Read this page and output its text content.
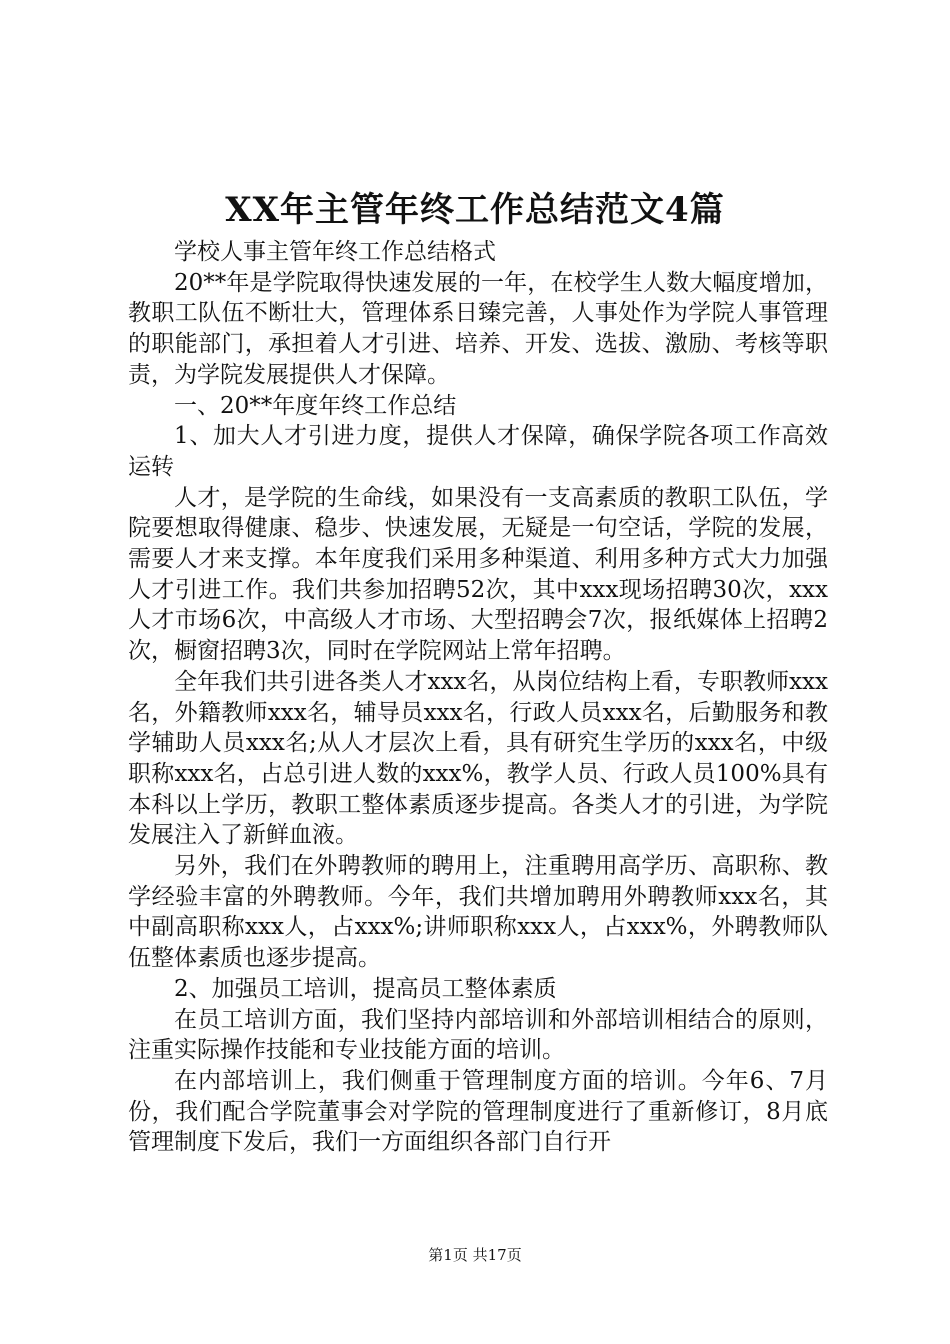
XX年主管年终工作总结范文4篇

学校人事主管年终工作总结格式

20**年是学院取得快速发展的一年，在校学生人数大幅度增加，教职工队伍不断壮大，管理体系日臻完善，人事处作为学院人事管理的职能部门，承担着人才引进、培养、开发、选拔、激励、考核等职责，为学院发展提供人才保障。

一、20**年度年终工作总结

1、加大人才引进力度，提供人才保障，确保学院各项工作高效运转

人才，是学院的生命线，如果没有一支高素质的教职工队伍，学院要想取得健康、稳步、快速发展，无疑是一句空话，学院的发展，需要人才来支撑。本年度我们采用多种渠道、利用多种方式大力加强人才引进工作。我们共参加招聘52次，其中xxx现场招聘30次，xxx人才市场6次，中高级人才市场、大型招聘会7次，报纸媒体上招聘2次，橱窗招聘3次，同时在学院网站上常年招聘。

全年我们共引进各类人才xxx名，从岗位结构上看，专职教师xxx名，外籍教师xxx名，辅导员xxx名，行政人员xxx名，后勤服务和教学辅助人员xxx名;从人才层次上看，具有研究生学历的xxx名，中级职称xxx名，占总引进人数的xxx%，教学人员、行政人员100%具有本科以上学历，教职工整体素质逐步提高。各类人才的引进，为学院发展注入了新鲜血液。

另外，我们在外聘教师的聘用上，注重聘用高学历、高职称、教学经验丰富的外聘教师。今年，我们共增加聘用外聘教师xxx名，其中副高职称xxx人，占xxx%;讲师职称xxx人，占xxx%，外聘教师队伍整体素质也逐步提高。

2、加强员工培训，提高员工整体素质

在员工培训方面，我们坚持内部培训和外部培训相结合的原则，注重实际操作技能和专业技能方面的培训。

在内部培训上，我们侧重于管理制度方面的培训。今年6、7月份，我们配合学院董事会对学院的管理制度进行了重新修订，8月底管理制度下发后，我们一方面组织各部门自行开

第1页 共17页
